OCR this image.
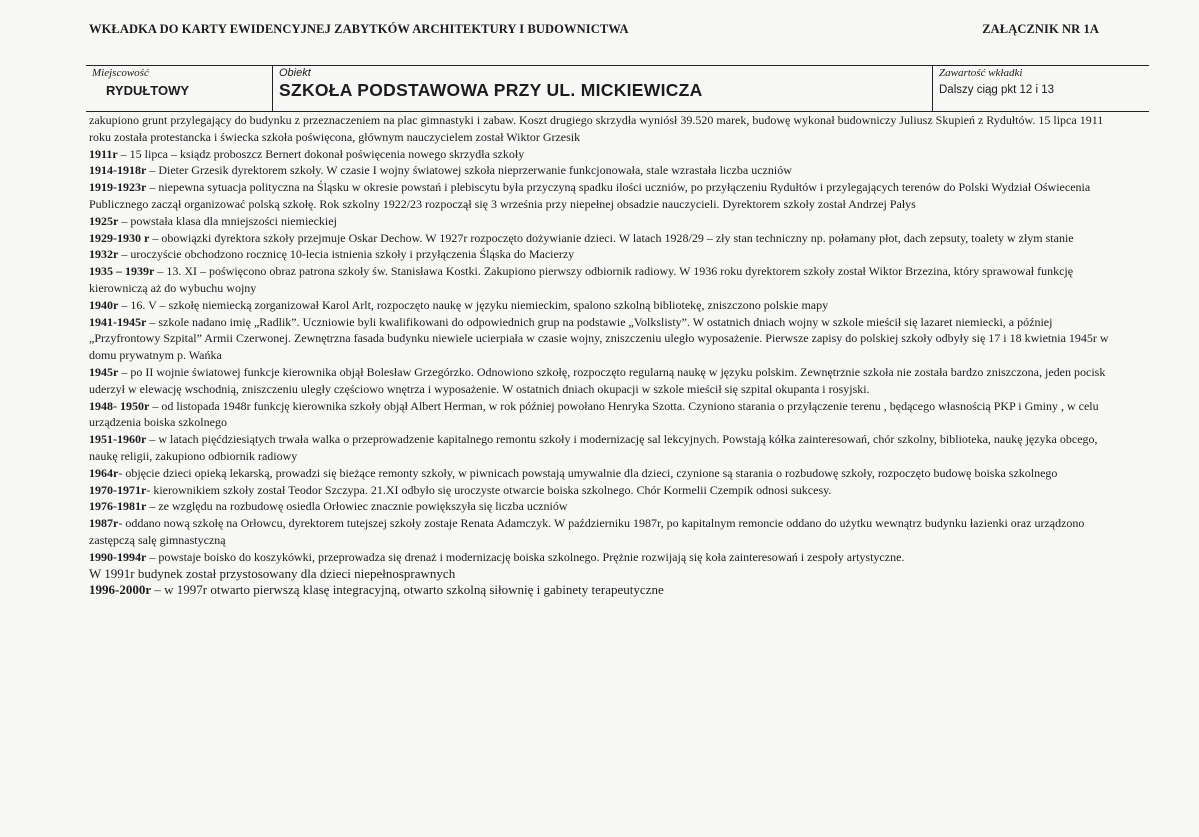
WKŁADKA DO KARTY EWIDENCYJNEJ ZABYTKÓW ARCHITEKTURY I BUDOWNICTWA	ZAŁĄCZNIK NR 1A
Miejscowość
RYDUŁTOWY
Obiekt
SZKOŁA PODSTAWOWA PRZY UL. MICKIEWICZA
Zawartość wkładki
Dalszy ciąg pkt 12 i 13

zakupiono grunt przylegający do budynku z przeznaczeniem na plac gimnastyki i zabaw. Koszt drugiego skrzydła wyniósł 39.520 marek, budowę wykonał budowniczy Juliusz Skupień z Rydułtów. 15 lipca 1911 roku została protestancka i świecka szkoła poświęcona, głównym nauczycielem został Wiktor Grzesik

1911r – 15 lipca – ksiądz proboszcz Bernert dokonał poświęcenia nowego skrzydła szkoły

1914-1918r – Dieter Grzesik dyrektorem szkoły. W czasie I wojny światowej szkoła nieprzerwanie funkcjonowała, stale wzrastała liczba uczniów

1919-1923r – niepewna sytuacja polityczna na Śląsku w okresie powstań i plebiscytu była przyczyną spadku ilości uczniów, po przyłączeniu Rydułtów i przylegających terenów do Polski Wydział Oświecenia Publicznego zaczął organizować polską szkołę. Rok szkolny 1922/23 rozpoczął się 3 września przy niepełnej obsadzie nauczycieli. Dyrektorem szkoły został Andrzej Pałys

1925r – powstała klasa dla mniejszości niemieckiej

1929-1930 r – obowiązki dyrektora szkoły przejmuje Oskar Dechow. W 1927r rozpoczęto dożywianie dzieci. W latach 1928/29 – zły stan techniczny np. połamany płot, dach zepsuty, toalety w złym stanie

1932r – uroczyście obchodzono rocznicę 10-lecia istnienia szkoły i przyłączenia Śląska do Macierzy

1935 – 1939r – 13. XI – poświęcono obraz patrona szkoły św. Stanisława Kostki. Zakupiono pierwszy odbiornik radiowy. W 1936 roku dyrektorem szkoły został Wiktor Brzezina, który sprawował funkcję kierowniczą aż do wybuchu wojny

1940r – 16. V – szkołę niemiecką zorganizował Karol Arlt, rozpoczęto naukę w języku niemieckim, spalono szkolną bibliotekę, zniszczono polskie mapy

1941-1945r – szkole nadano imię „Radlik”. Uczniowie byli kwalifikowani do odpowiednich grup na podstawie „Volkslisty”. W ostatnich dniach wojny w szkole mieścił się lazaret niemiecki, a później „Przyfrontowy Szpital” Armii Czerwonej. Zewnętrzna fasada budynku niewiele ucierpiała w czasie wojny, zniszczeniu uległo wyposażenie. Pierwsze zapisy do polskiej szkoły odbyły się 17 i 18 kwietnia 1945r w domu prywatnym p. Wańka

1945r – po II wojnie światowej funkcje kierownika objął Bolesław Grzegórzko. Odnowiono szkołę, rozpoczęto regularną naukę w języku polskim. Zewnętrznie szkoła nie została bardzo zniszczona, jeden pocisk uderzył w elewację wschodnią, zniszczeniu uległy częściowo wnętrza i wyposażenie. W ostatnich dniach okupacji w szkole mieścił się szpital okupanta i rosyjski.

1948- 1950r – od listopada 1948r funkcję kierownika szkoły objął Albert Herman, w rok później powołano Henryka Szotta. Czyniono starania o przyłączenie terenu , będącego własnością PKP i Gminy , w celu urządzenia boiska szkolnego

1951-1960r – w latach pięćdziesiątych trwała walka o przeprowadzenie kapitalnego remontu szkoły i modernizację sal lekcyjnych. Powstają kółka zainteresowań, chór szkolny, biblioteka, naukę języka obcego, naukę religii, zakupiono odbiornik radiowy

1964r- objęcie dzieci opieką lekarską, prowadzi się bieżące remonty szkoły, w piwnicach powstają umywalnie dla dzieci, czynione są starania o rozbudowę szkoły, rozpoczęto budowę boiska szkolnego

1970-1971r- kierownikiem szkoły został Teodor Szczypa. 21.XI odbyło się uroczyste otwarcie boiska szkolnego. Chór Kormelii Czempik odnosi sukcesy.

1976-1981r – ze względu na rozbudowę osiedla Orłowiec znacznie powiększyła się liczba uczniów

1987r- oddano nową szkołę na Orłowcu, dyrektorem tutejszej szkoły zostaje Renata Adamczyk. W październiku 1987r, po kapitalnym remoncie oddano do użytku wewnątrz budynku łazienki oraz urządzono zastępczą salę gimnastyczną

1990-1994r – powstaje boisko do koszykówki, przeprowadza się drenaż i modernizację boiska szkolnego. Prężnie rozwijają się koła zainteresowań i zespoły artystyczne.

W 1991r budynek został przystosowany dla dzieci niepełnosprawnych

1996-2000r – w 1997r otwarto pierwszą klasę integracyjną, otwarto szkolną siłownię i gabinety terapeutyczne
